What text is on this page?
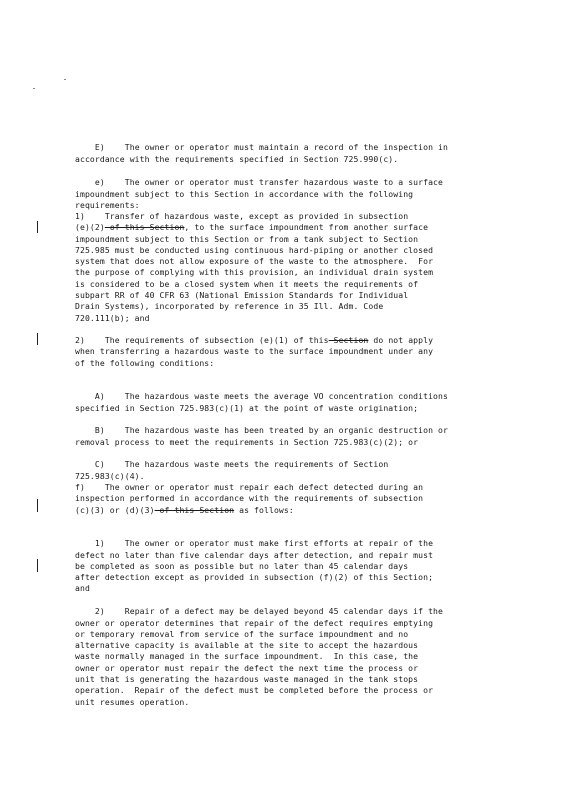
E)    The owner or operator must maintain a record of the inspection in
accordance with the requirements specified in Section 725.990(c).

e)    The owner or operator must transfer hazardous waste to a surface
impoundment subject to this Section in accordance with the following
requirements:

1)    Transfer of hazardous waste, except as provided in subsection
(e)(2) of this Section, to the surface impoundment from another surface
impoundment subject to this Section or from a tank subject to Section
725.985 must be conducted using continuous hard-piping or another closed
system that does not allow exposure of the waste to the atmosphere.  For
the purpose of complying with this provision, an individual drain system
is considered to be a closed system when it meets the requirements of
subpart RR of 40 CFR 63 (National Emission Standards for Individual
Drain Systems), incorporated by reference in 35 Ill. Adm. Code
720.111(b); and

2)    The requirements of subsection (e)(1) of this Section do not apply
when transferring a hazardous waste to the surface impoundment under any
of the following conditions:

A)    The hazardous waste meets the average VO concentration conditions
specified in Section 725.983(c)(1) at the point of waste origination;

B)    The hazardous waste has been treated by an organic destruction or
removal process to meet the requirements in Section 725.983(c)(2); or

C)    The hazardous waste meets the requirements of Section
725.983(c)(4).

f)    The owner or operator must repair each defect detected during an
inspection performed in accordance with the requirements of subsection
(c)(3) or (d)(3) of this Section as follows:

1)    The owner or operator must make first efforts at repair of the
defect no later than five calendar days after detection, and repair must
be completed as soon as possible but no later than 45 calendar days
after detection except as provided in subsection (f)(2) of this Section;
and

2)    Repair of a defect may be delayed beyond 45 calendar days if the
owner or operator determines that repair of the defect requires emptying
or temporary removal from service of the surface impoundment and no
alternative capacity is available at the site to accept the hazardous
waste normally managed in the surface impoundment.  In this case, the
owner or operator must repair the defect the next time the process or
unit that is generating the hazardous waste managed in the tank stops
operation.  Repair of the defect must be completed before the process or
unit resumes operation.
